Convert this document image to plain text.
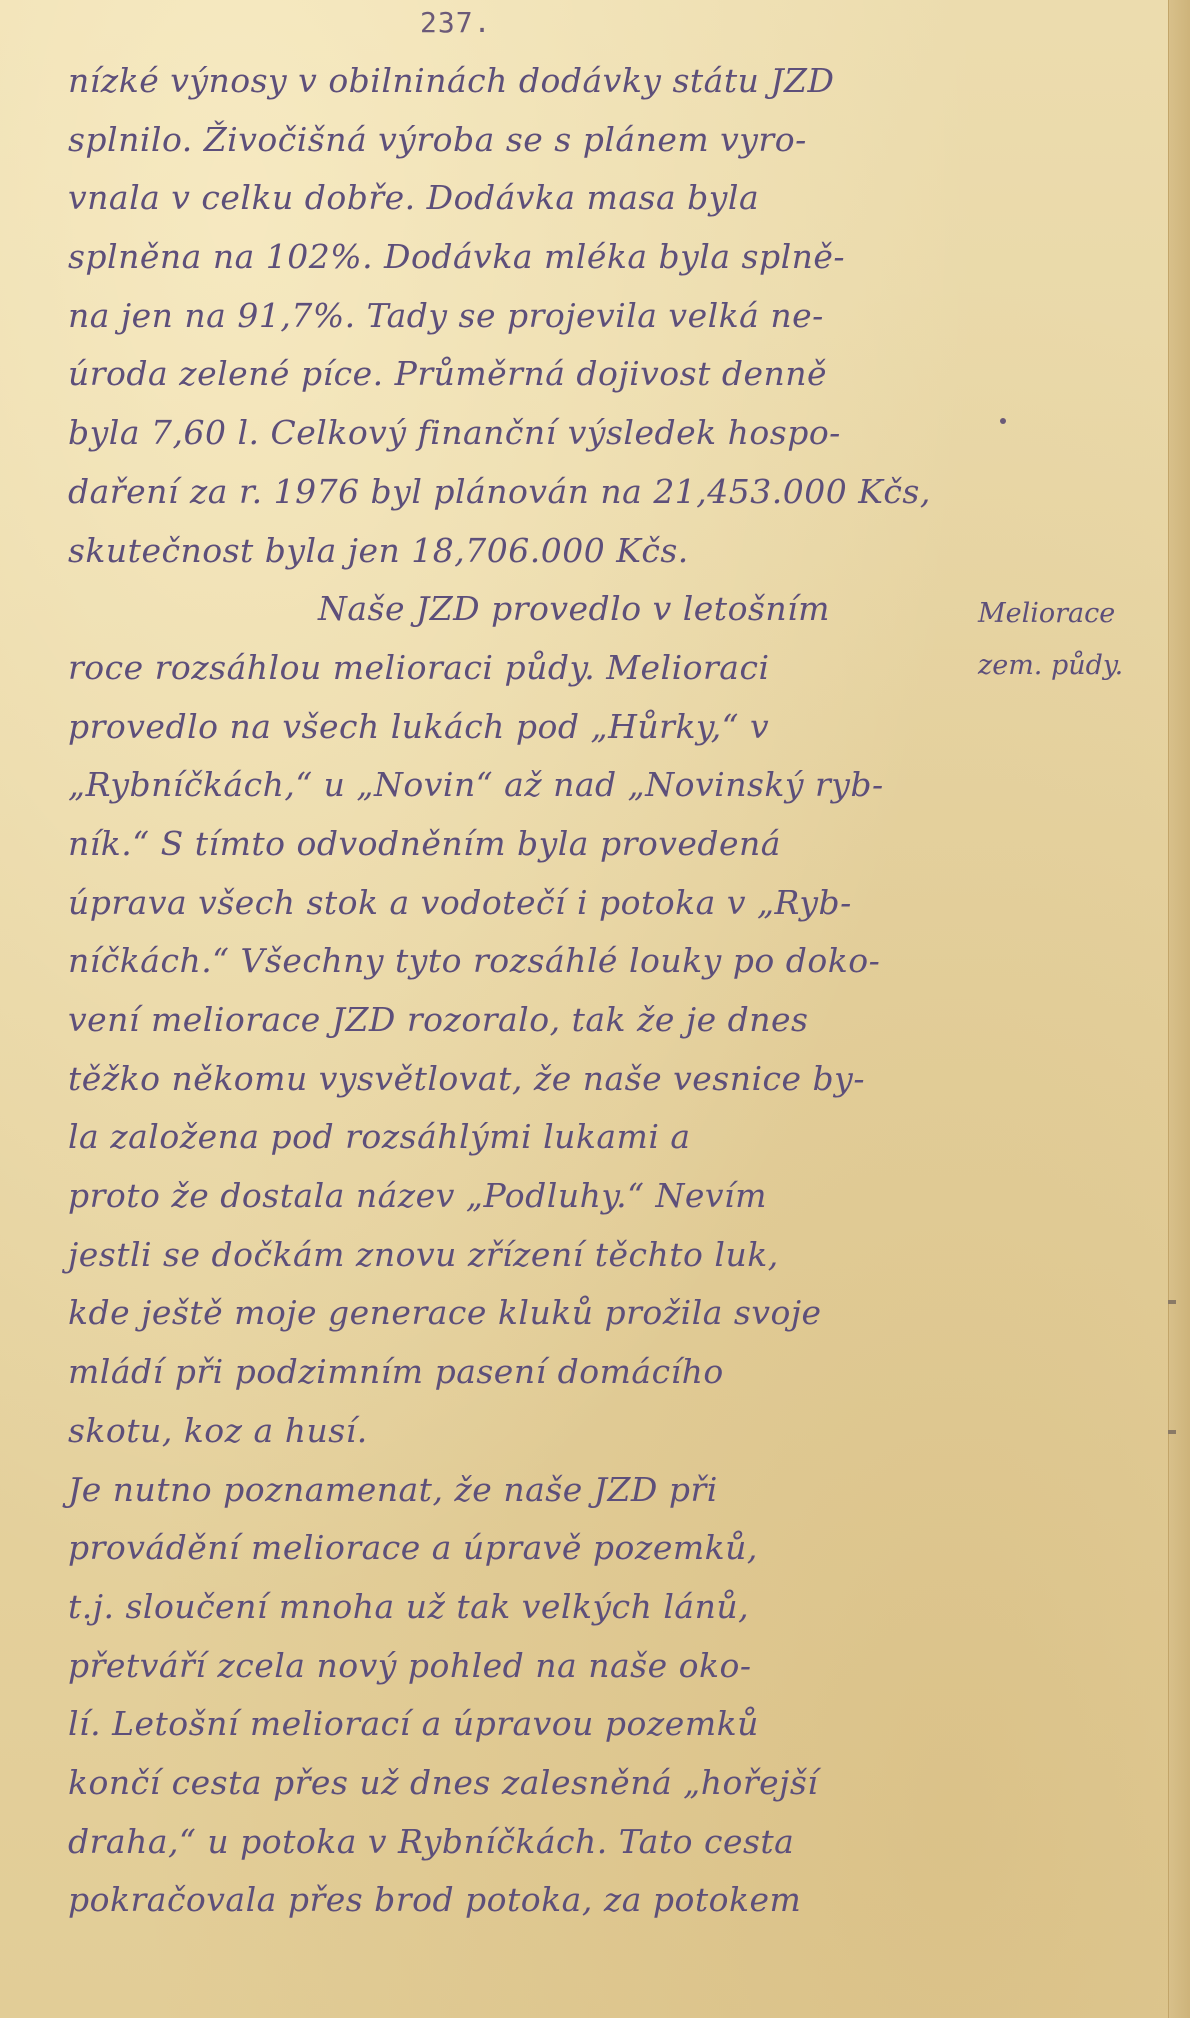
237.
nízké výnosy v obilninách dodávky státu JZD
splnilo. Živočišná výroba se s plánem vyro-
vnala v celku dobře. Dodávka masa byla
splněna na 102%. Dodávka mléka byla splně-
na jen na 91,7%. Tady se projevila velká ne-
úroda zelené píce. Průměrná dojivost denně
byla 7,60 l. Celkový finanční výsledek hospo-
daření za r. 1976 byl plánován na 21,453.000 Kčs,
skutečnost byla jen 18,706.000 Kčs.
Naše JZD provedlo v letošním
roce rozsáhlou melioraci půdy. Melioraci
provedlo na všech lukách pod „Hůrky,“ v
„Rybníčkách,“ u „Novin“ až nad „Novinský ryb-
ník.“ S tímto odvodněním byla provedená
úprava všech stok a vodotečí i potoka v „Ryb-
níčkách.“ Všechny tyto rozsáhlé louky po doko-
vení meliorace JZD rozoralo, tak že je dnes
těžko někomu vysvětlovat, že naše vesnice by-
la založena pod rozsáhlými lukami a
proto že dostala název „Podluhy.“ Nevím
jestli se dočkám znovu zřízení těchto luk,
kde ještě moje generace kluků prožila svoje
mládí při podzimním pasení domácího
skotu, koz a husí.
Je nutno poznamenat, že naše JZD při
provádění meliorace a úpravě pozemků,
t.j. sloučení mnoha už tak velkých lánů,
přetváří zcela nový pohled na naše oko-
lí. Letošní meliorací a úpravou pozemků
končí cesta přes už dnes zalesněná „hořejší
draha,“ u potoka v Rybníčkách. Tato cesta
pokračovala přes brod potoka, za potokem
Meliorace
zem. půdy.
